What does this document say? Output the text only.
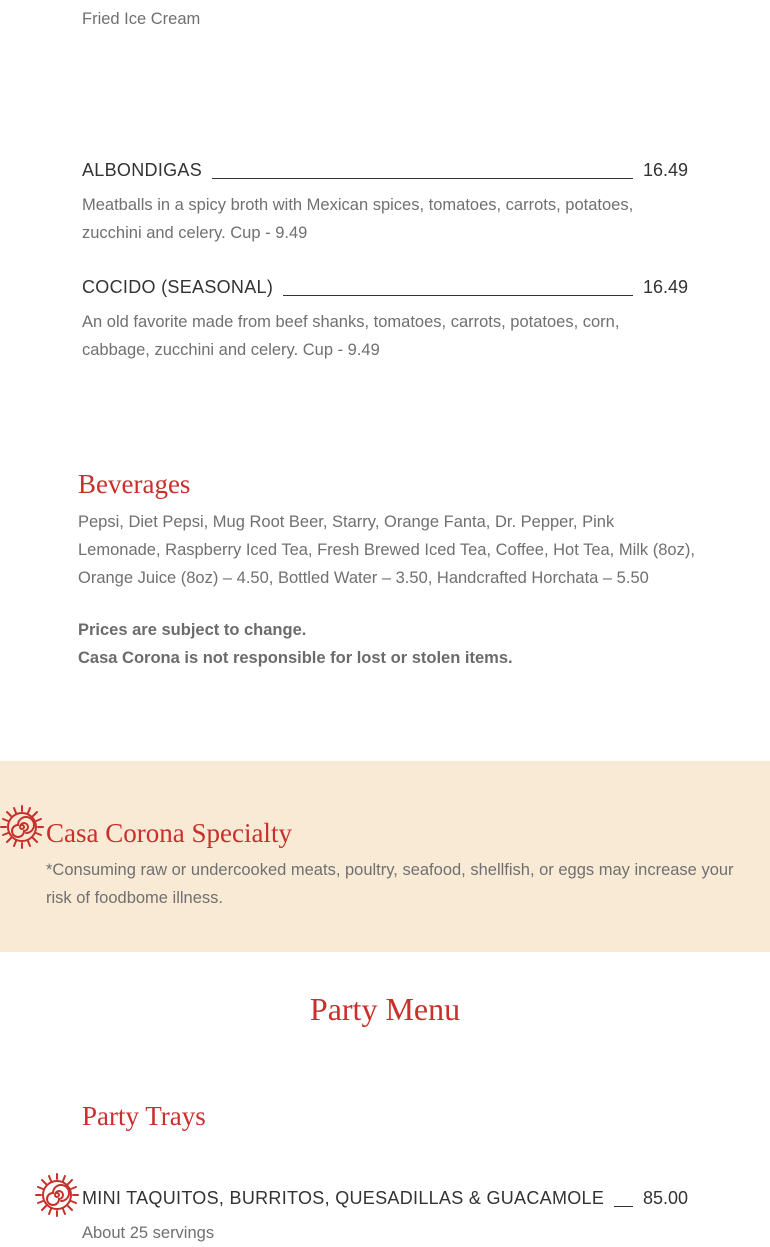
Fried Ice Cream
ALBONDIGAS	16.49
Meatballs in a spicy broth with Mexican spices, tomatoes, carrots, potatoes, zucchini and celery. Cup - 9.49
COCIDO (SEASONAL)	16.49
An old favorite made from beef shanks, tomatoes, carrots, potatoes, corn, cabbage, zucchini and celery. Cup - 9.49
Beverages
Pepsi, Diet Pepsi, Mug Root Beer, Starry, Orange Fanta, Dr. Pepper, Pink Lemonade, Raspberry Iced Tea, Fresh Brewed Iced Tea, Coffee, Hot Tea, Milk (8oz), Orange Juice (8oz) – 4.50, Bottled Water – 3.50, Handcrafted Horchata – 5.50
Prices are subject to change.
Casa Corona is not responsible for lost or stolen items.
Casa Corona Specialty
*Consuming raw or undercooked meats, poultry, seafood, shellfish, or eggs may increase your risk of foodbome illness.
Party Menu
Party Trays
MINI TAQUITOS, BURRITOS, QUESADILLAS & GUACAMOLE 85.00
About 25 servings
